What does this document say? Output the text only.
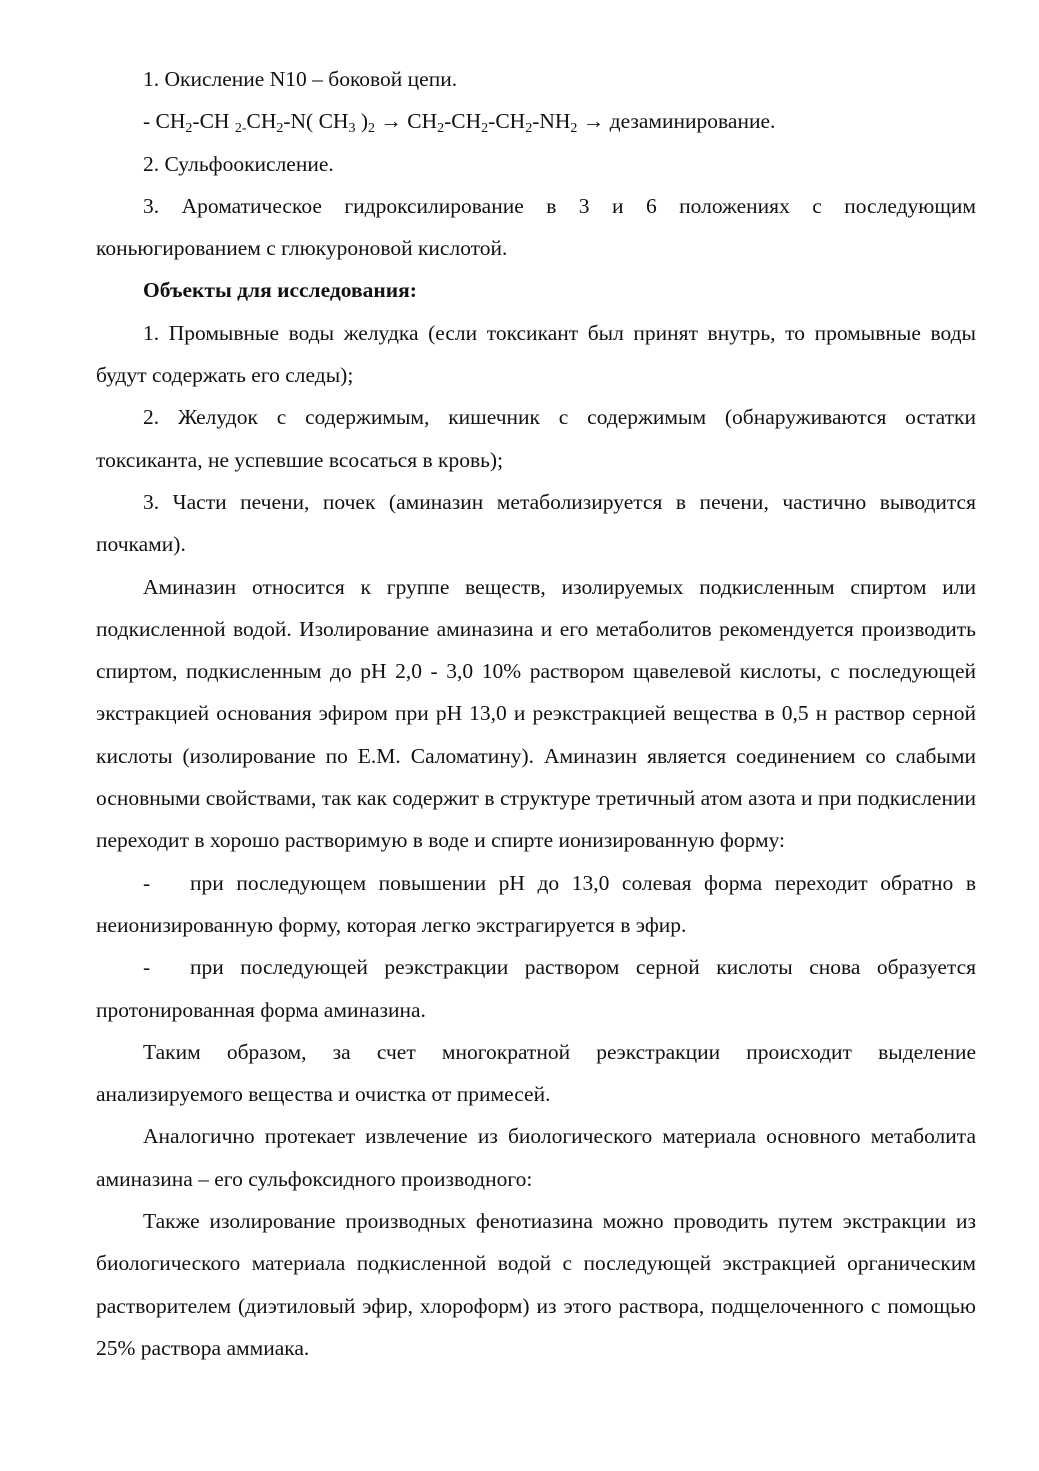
1. Окисление N10 – боковой цепи.

- $CH_2-CH$ $_{2-}CH_2-N$( $CH_3$ )$_2 \to CH_2-CH_2-CH_2-NH_2$ → дезаминирование.

2. Сульфоокисление.

3. Ароматическое гидроксилирование в 3 и 6 положениях с последующим коньюгированием с глюкуроновой кислотой.

Объекты для исследования:

1. Промывные воды желудка (если токсикант был принят внутрь, то промывные воды будут содержать его следы);

2. Желудок с содержимым, кишечник с содержимым (обнаруживаются остатки токсиканта, не успевшие всосаться в кровь);

3. Части печени, почек (аминазин метаболизируется в печени, частично выводится почками).

Аминазин относится к группе веществ, изолируемых подкисленным спиртом или подкисленной водой. Изолирование аминазина и его метаболитов рекомендуется производить спиртом, подкисленным до pH 2,0 - 3,0 10% раствором щавелевой кислоты, с последующей экстракцией основания эфиром при pH 13,0 и реэкстракцией вещества в 0,5 н раствор серной кислоты (изолирование по Е.М. Саломатину). Аминазин является соединением со слабыми основными свойствами, так как содержит в структуре третичный атом азота и при подкислении переходит в хорошо растворимую в воде и спирте ионизированную форму:

- при последующем повышении pH до 13,0 солевая форма переходит обратно в неионизированную форму, которая легко экстрагируется в эфир.

- при последующей реэкстракции раствором серной кислоты снова образуется протонированная форма аминазина.

Таким образом, за счет многократной реэкстракции происходит выделение анализируемого вещества и очистка от примесей.

Аналогично протекает извлечение из биологического материала основного метаболита аминазина – его сульфоксидного производного:

Также изолирование производных фенотиазина можно проводить путем экстракции из биологического материала подкисленной водой с последующей экстракцией органическим растворителем (диэтиловый эфир, хлороформ) из этого раствора, подщелоченного с помощью 25% раствора аммиака.
